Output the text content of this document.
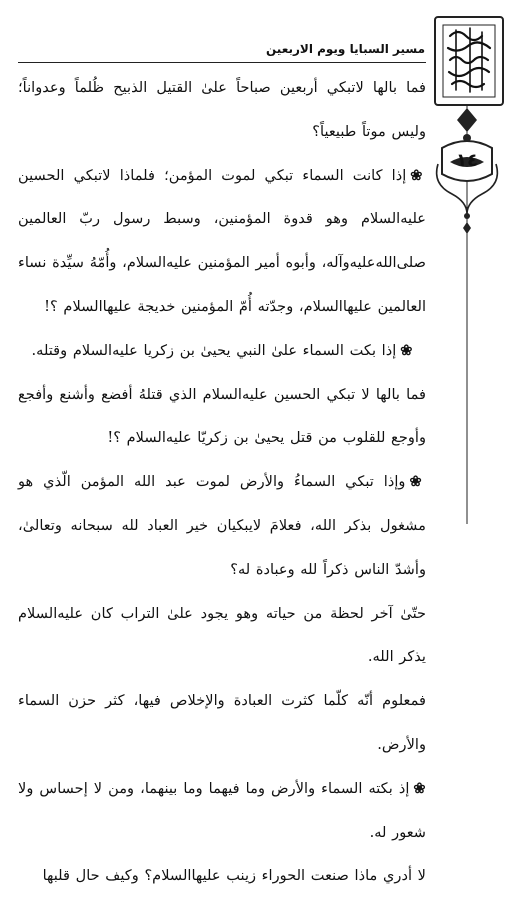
مسير السبايا ويوم الاربعين
١٤

فما بالها لاتبكي أربعين صباحاً علىٰ القتيل الذبيح ظُلماً وعدواناً؛ وليس موتاً طبيعياً؟

❀إذا كانت السماء تبكي لموت المؤمن؛ فلماذا لاتبكي الحسين عليه‌السلام وهو قدوة المؤمنين، وسبط رسول ربّ العالمين صلى‌الله‌عليه‌وآله، وأبوه أمير المؤمنين عليه‌السلام، وأُمّهُ سيِّدة نساء العالمين عليها‌السلام، وجدّته أُمّ المؤمنين خديجة عليها‌السلام ؟!

❀إذا بكت السماء علىٰ النبي يحيىٰ بن زكريا عليه‌السلام وقتله.

فما بالها لا تبكي الحسين عليه‌السلام الذي قتلهُ أفضع وأشنع وأفجع وأوجع للقلوب من قتل يحيىٰ بن زكريّا عليه‌السلام ؟!

❀وإذا تبكي السماءُ والأرض لموت عبد الله المؤمن الّذي هو مشغول بذكر الله، فعلامَ لايبكيان خير العباد لله سبحانه وتعالىٰ، وأشدّ الناس ذكراً لله وعبادة له؟

حتّىٰ آخر لحظة من حياته وهو يجود علىٰ التراب كان عليه‌السلام يذكر الله.

فمعلوم أنّه كلّما كثرت العبادة والإخلاص فيها، كثر حزن السماء والأرض.

❀إذ بكته السماء والأرض وما فيهما وما بينهما، ومن لا إحساس ولا شعور له.

لا أدري ماذا صنعت الحوراء زينب عليها‌السلام؟ وكيف حال قلبها
